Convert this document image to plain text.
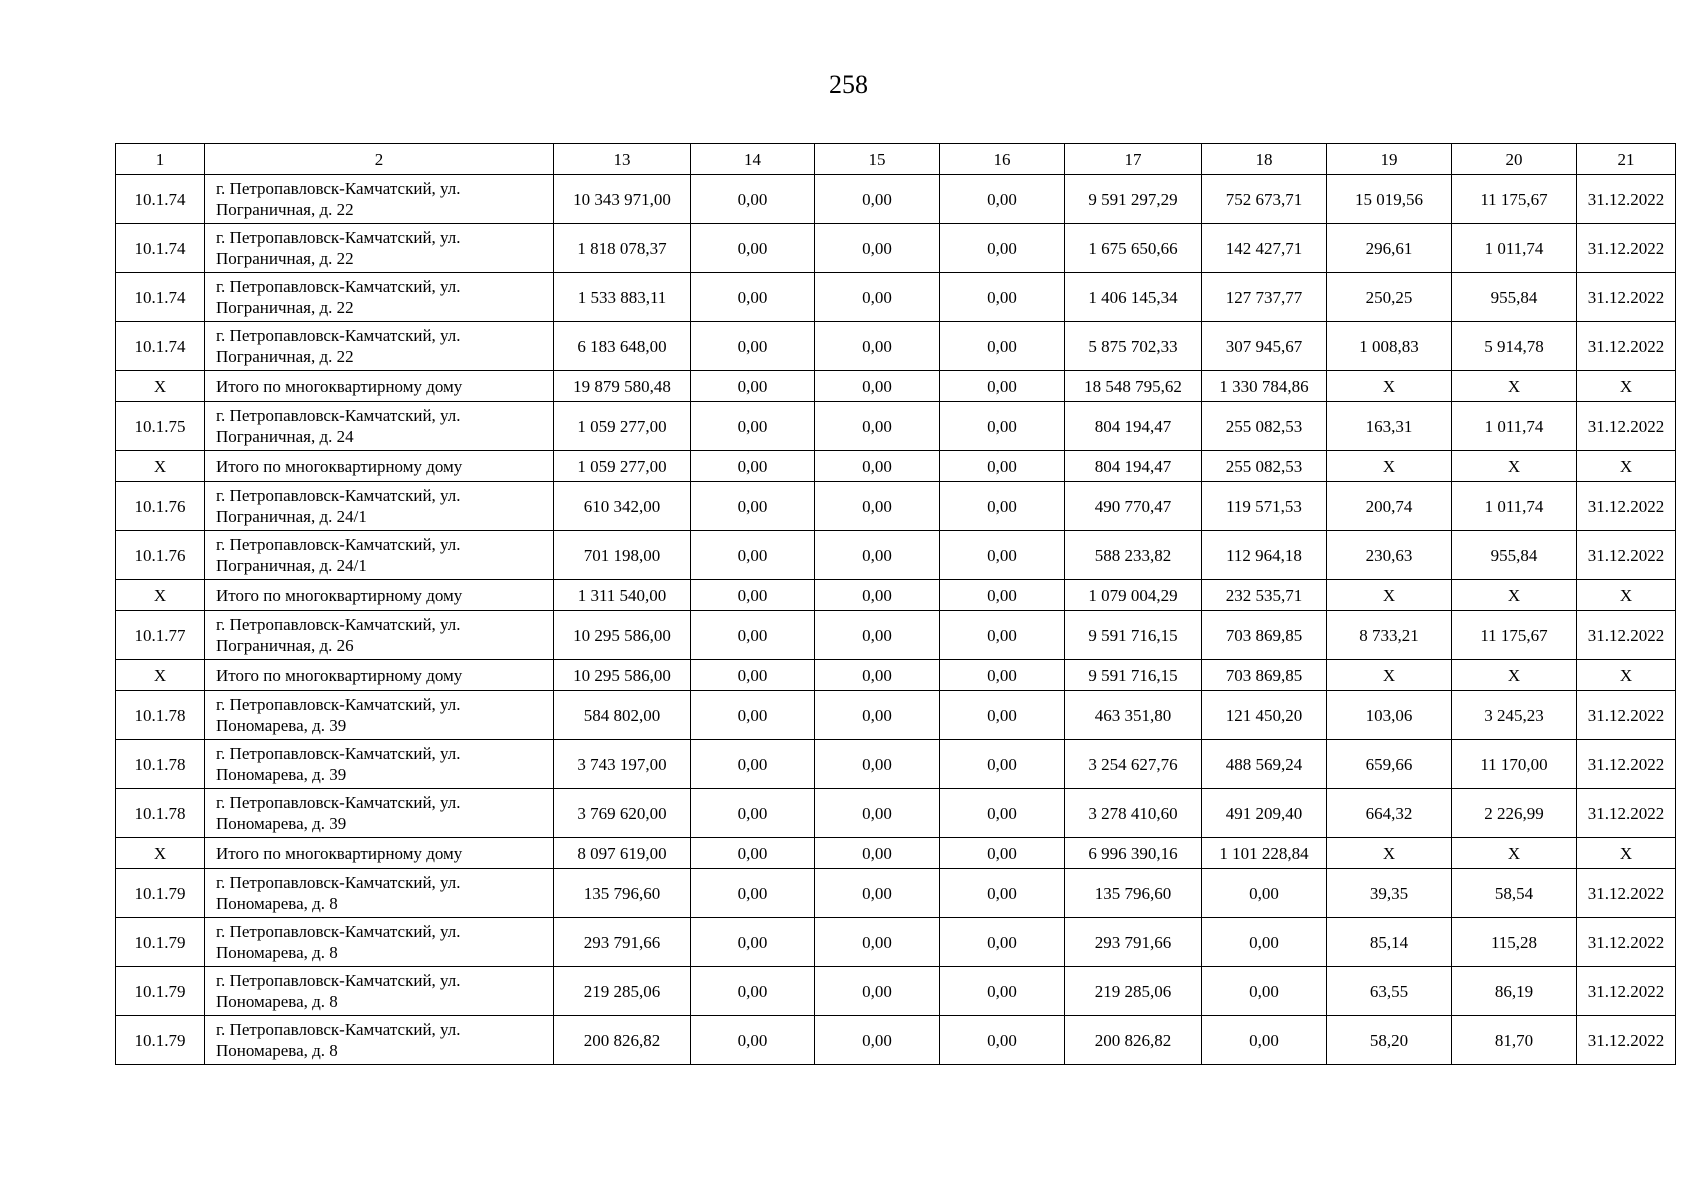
258
1	2	13	14	15	16	17	18	19	20	21
10.1.74	г. Петропавловск-Камчатский, ул. Пограничная, д. 22	10 343 971,00	0,00	0,00	0,00	9 591 297,29	752 673,71	15 019,56	11 175,67	31.12.2022
10.1.74	г. Петропавловск-Камчатский, ул. Пограничная, д. 22	1 818 078,37	0,00	0,00	0,00	1 675 650,66	142 427,71	296,61	1 011,74	31.12.2022
10.1.74	г. Петропавловск-Камчатский, ул. Пограничная, д. 22	1 533 883,11	0,00	0,00	0,00	1 406 145,34	127 737,77	250,25	955,84	31.12.2022
10.1.74	г. Петропавловск-Камчатский, ул. Пограничная, д. 22	6 183 648,00	0,00	0,00	0,00	5 875 702,33	307 945,67	1 008,83	5 914,78	31.12.2022
X	Итого по многоквартирному дому	19 879 580,48	0,00	0,00	0,00	18 548 795,62	1 330 784,86	X	X	X
10.1.75	г. Петропавловск-Камчатский, ул. Пограничная, д. 24	1 059 277,00	0,00	0,00	0,00	804 194,47	255 082,53	163,31	1 011,74	31.12.2022
X	Итого по многоквартирному дому	1 059 277,00	0,00	0,00	0,00	804 194,47	255 082,53	X	X	X
10.1.76	г. Петропавловск-Камчатский, ул. Пограничная, д. 24/1	610 342,00	0,00	0,00	0,00	490 770,47	119 571,53	200,74	1 011,74	31.12.2022
10.1.76	г. Петропавловск-Камчатский, ул. Пограничная, д. 24/1	701 198,00	0,00	0,00	0,00	588 233,82	112 964,18	230,63	955,84	31.12.2022
X	Итого по многоквартирному дому	1 311 540,00	0,00	0,00	0,00	1 079 004,29	232 535,71	X	X	X
10.1.77	г. Петропавловск-Камчатский, ул. Пограничная, д. 26	10 295 586,00	0,00	0,00	0,00	9 591 716,15	703 869,85	8 733,21	11 175,67	31.12.2022
X	Итого по многоквартирному дому	10 295 586,00	0,00	0,00	0,00	9 591 716,15	703 869,85	X	X	X
10.1.78	г. Петропавловск-Камчатский, ул. Пономарева, д. 39	584 802,00	0,00	0,00	0,00	463 351,80	121 450,20	103,06	3 245,23	31.12.2022
10.1.78	г. Петропавловск-Камчатский, ул. Пономарева, д. 39	3 743 197,00	0,00	0,00	0,00	3 254 627,76	488 569,24	659,66	11 170,00	31.12.2022
10.1.78	г. Петропавловск-Камчатский, ул. Пономарева, д. 39	3 769 620,00	0,00	0,00	0,00	3 278 410,60	491 209,40	664,32	2 226,99	31.12.2022
X	Итого по многоквартирному дому	8 097 619,00	0,00	0,00	0,00	6 996 390,16	1 101 228,84	X	X	X
10.1.79	г. Петропавловск-Камчатский, ул. Пономарева, д. 8	135 796,60	0,00	0,00	0,00	135 796,60	0,00	39,35	58,54	31.12.2022
10.1.79	г. Петропавловск-Камчатский, ул. Пономарева, д. 8	293 791,66	0,00	0,00	0,00	293 791,66	0,00	85,14	115,28	31.12.2022
10.1.79	г. Петропавловск-Камчатский, ул. Пономарева, д. 8	219 285,06	0,00	0,00	0,00	219 285,06	0,00	63,55	86,19	31.12.2022
10.1.79	г. Петропавловск-Камчатский, ул. Пономарева, д. 8	200 826,82	0,00	0,00	0,00	200 826,82	0,00	58,20	81,70	31.12.2022
